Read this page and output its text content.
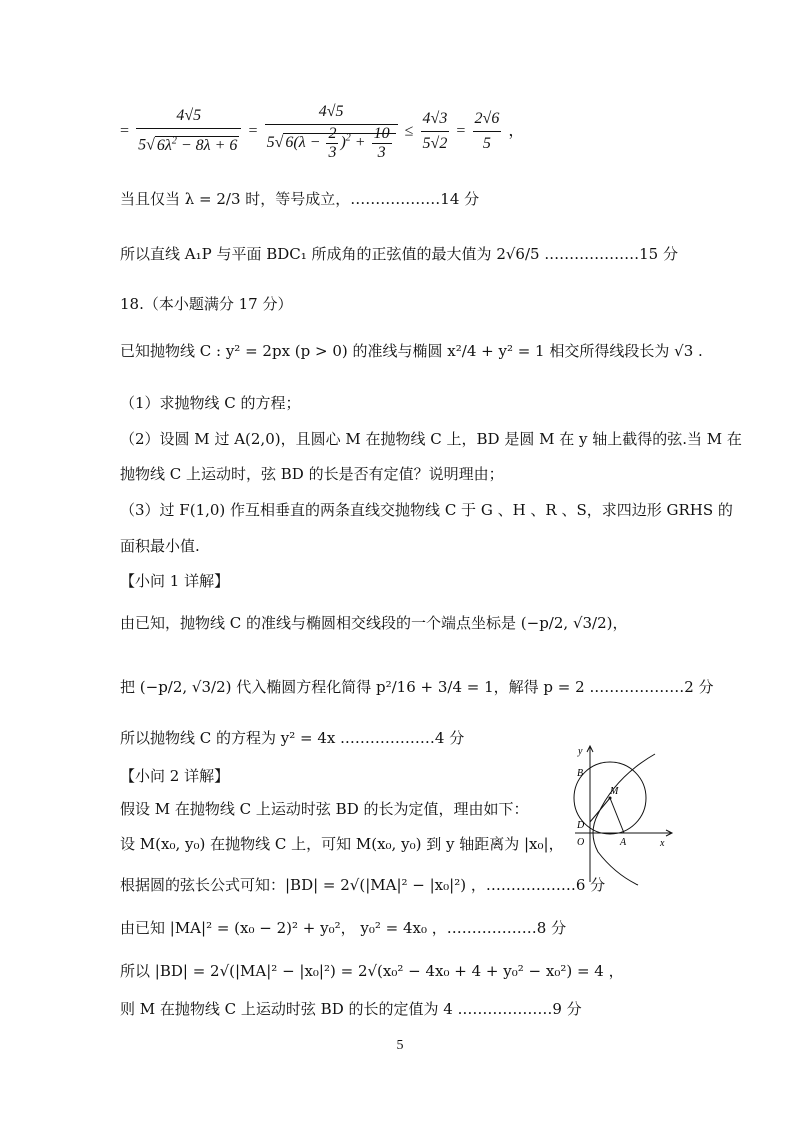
= $\frac{4√5}{5√ 6\lambda^2 - 8\lambda + 6} = \frac{4√5}{5√ 6(\lambda - \frac{2}{3} )^2 + \frac{10}{3}} \le \frac{4√3}{5√2} = \frac{2√6}{5}$ ，
当且仅当 λ = 2/3 时，等号成立，………………14 分
所以直线 A₁P 与平面 BDC₁ 所成角的正弦值的最大值为 2√6/5 .………………15 分
18.（本小题满分 17 分）
已知抛物线 C : y² = 2px (p > 0) 的准线与椭圆 x²/4 + y² = 1 相交所得线段长为 √3 .
（1）求抛物线 C 的方程；
（2）设圆 M 过 A(2,0)，且圆心 M 在抛物线 C 上，BD 是圆 M 在 y 轴上截得的弦.当 M 在
抛物线 C 上运动时，弦 BD 的长是否有定值？说明理由；
（3）过 F(1,0) 作互相垂直的两条直线交抛物线 C 于 G 、H 、R 、S，求四边形 GRHS 的
面积最小值.
【小问 1 详解】
由已知，抛物线 C 的准线与椭圆相交线段的一个端点坐标是 (−p/2, √3/2)，
把 (−p/2, √3/2) 代入椭圆方程化简得 p²/16 + 3/4 = 1，解得 p = 2 .………………2 分
所以抛物线 C 的方程为 y² = 4x .………………4 分
【小问 2 详解】
假设 M 在抛物线 C 上运动时弦 BD 的长为定值，理由如下：
设 M(x₀, y₀) 在抛物线 C 上，可知 M(x₀, y₀) 到 y 轴距离为 |x₀|，
根据圆的弦长公式可知：|BD| = 2√(|MA|² − |x₀|²) ，………………6 分
由已知 |MA|² = (x₀ − 2)² + y₀²， y₀² = 4x₀ ，………………8 分
所以 |BD| = 2√(|MA|² − |x₀|²) = 2√(x₀² − 4x₀ + 4 + y₀² − x₀²) = 4 ，
则 M 在抛物线 C 上运动时弦 BD 的长的定值为 4 .………………9 分
y
x
B
M
D
O	A
5
